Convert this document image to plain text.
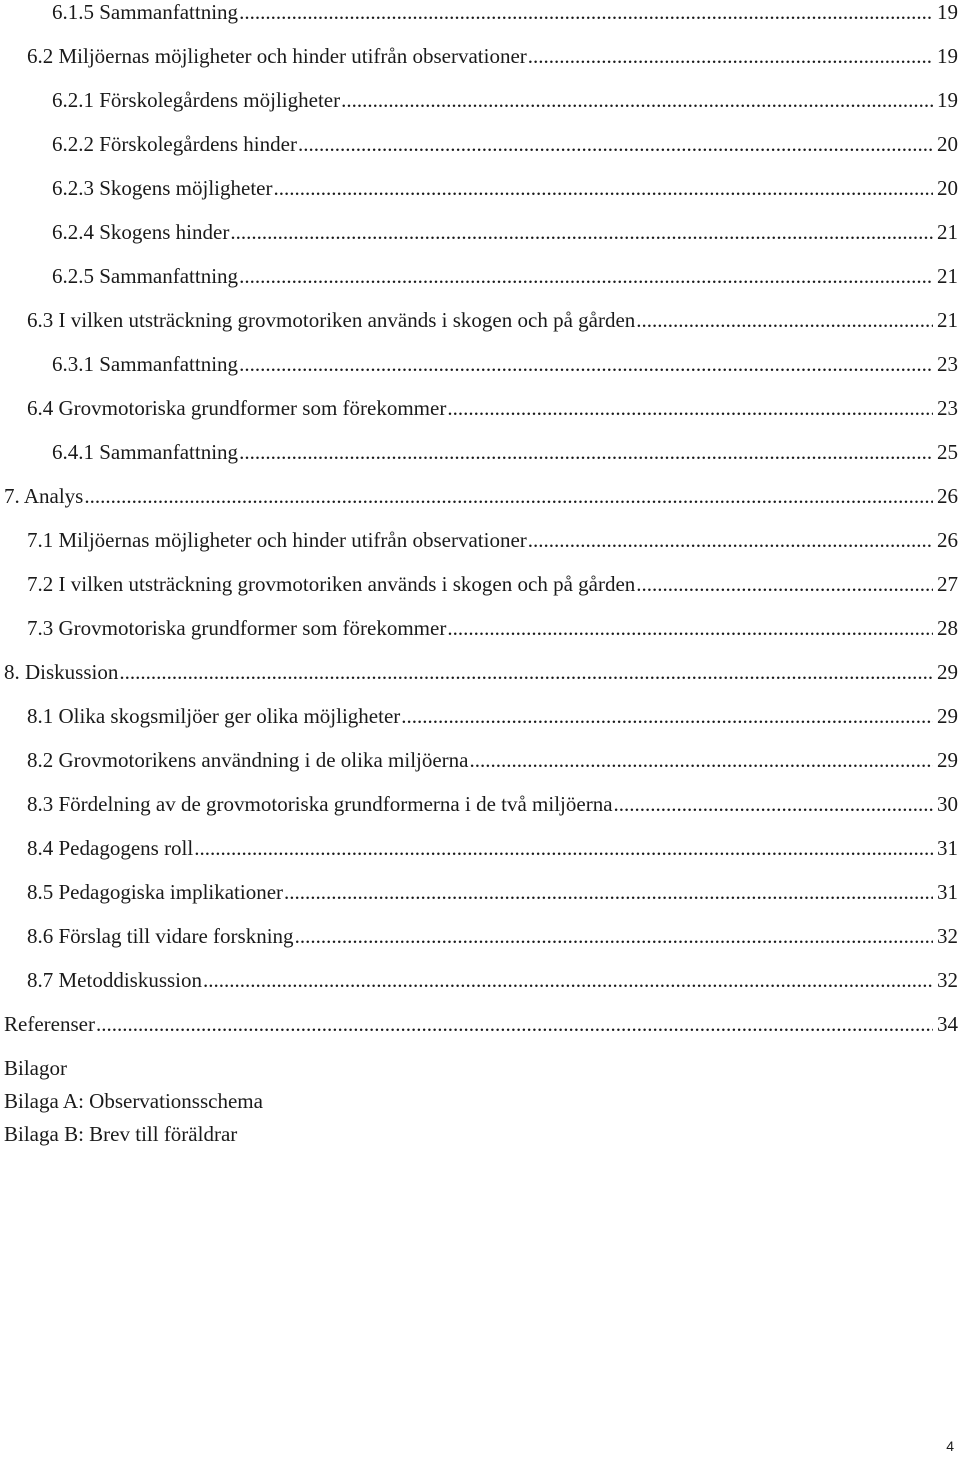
6.1.5 Sammanfattning .....	19
6.2 Miljöernas möjligheter och hinder utifrån observationer .....	19
6.2.1 Förskolegårdens möjligheter .....	19
6.2.2 Förskolegårdens hinder .....	20
6.2.3 Skogens möjligheter .....	20
6.2.4 Skogens hinder .....	21
6.2.5 Sammanfattning .....	21
6.3 I vilken utsträckning grovmotoriken används i skogen och på gården .....	21
6.3.1 Sammanfattning .....	23
6.4 Grovmotoriska grundformer som förekommer .....	23
6.4.1 Sammanfattning .....	25
7. Analys .....	26
7.1 Miljöernas möjligheter och hinder utifrån observationer .....	26
7.2 I vilken utsträckning grovmotoriken används i skogen och på gården .....	27
7.3 Grovmotoriska grundformer som förekommer .....	28
8. Diskussion .....	29
8.1 Olika skogsmiljöer ger olika möjligheter .....	29
8.2 Grovmotorikens användning i de olika miljöerna .....	29
8.3 Fördelning av de grovmotoriska grundformerna i de två miljöerna .....	30
8.4 Pedagogens roll .....	31
8.5 Pedagogiska implikationer .....	31
8.6 Förslag till vidare forskning .....	32
8.7 Metoddiskussion .....	32
Referenser .....	34
Bilagor
Bilaga A: Observationsschema
Bilaga B: Brev till föräldrar
4
